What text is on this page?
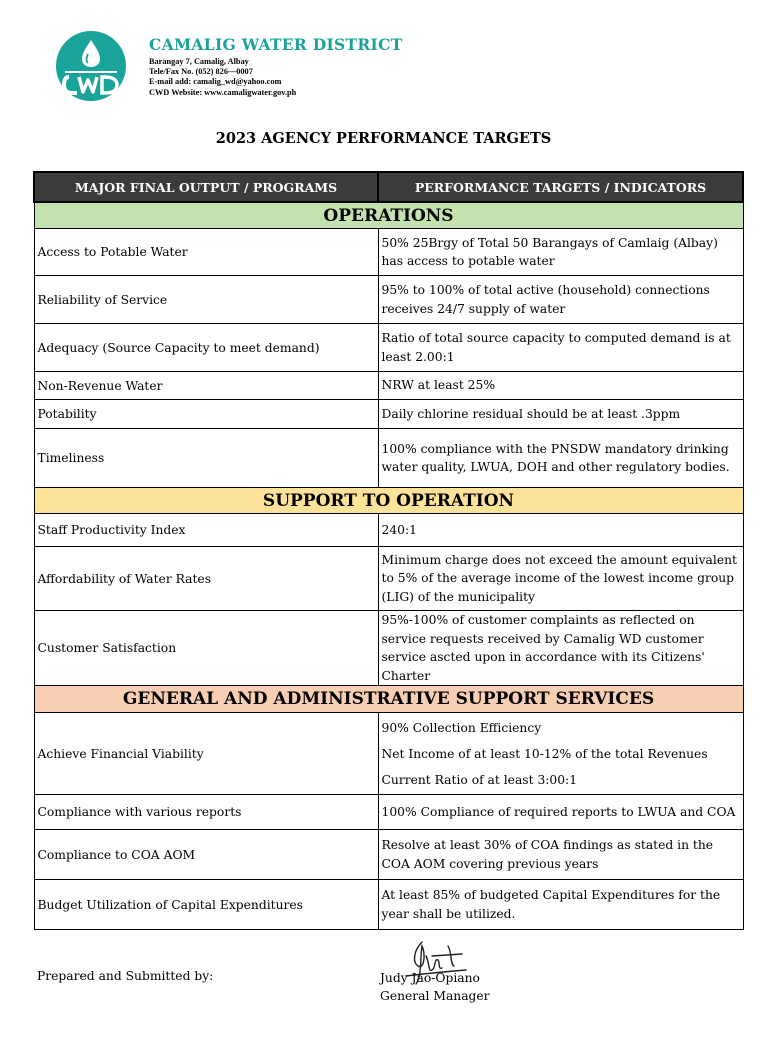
CAMALIG WATER DISTRICT
Barangay 7, Camalig, Albay
Tele/Fax No. (052) 826—0007
E-mail add: camalig_wd@yahoo.com
CWD Website: www.camaligwater.gov.ph
2023 AGENCY PERFORMANCE TARGETS
MAJOR FINAL OUTPUT / PROGRAMS	PERFORMANCE TARGETS / INDICATORS
OPERATIONS	
Access to Potable Water	50% 25Brgy of Total 50 Barangays of Camlaig (Albay) has access to potable water
Reliability of Service	95% to 100% of total active (household) connections receives 24/7 supply of water
Adequacy (Source Capacity to meet demand)	Ratio of total source capacity to computed demand is at least 2.00:1
Non-Revenue Water	NRW at least 25%
Potability	Daily chlorine residual should be at least .3ppm
Timeliness	100% compliance with the PNSDW mandatory drinking water quality, LWUA, DOH and other regulatory bodies.
SUPPORT TO OPERATION	
Staff Productivity Index	240:1
Affordability of Water Rates	Minimum charge does not exceed the amount equivalent to 5% of the average income of the lowest income group (LIG) of the municipality
Customer Satisfaction	95%-100% of customer complaints as reflected on service requests received by Camalig WD customer service ascted upon in accordance with its Citizens' Charter
GENERAL AND ADMINISTRATIVE SUPPORT SERVICES	
Achieve Financial Viability	90% Collection Efficiency
Net Income of at least 10-12% of the total Revenues
Current Ratio of at least 3:00:1

Compliance with various reports	100% Compliance of required reports to LWUA and COA
Compliance to COA AOM	Resolve at least 30% of COA findings as stated in the COA AOM covering previous years
Budget Utilization of Capital Expenditures	At least 85% of budgeted Capital Expenditures for the year shall be utilized.
Prepared and Submitted by:	Judy Jao-Opiano
General Manager
